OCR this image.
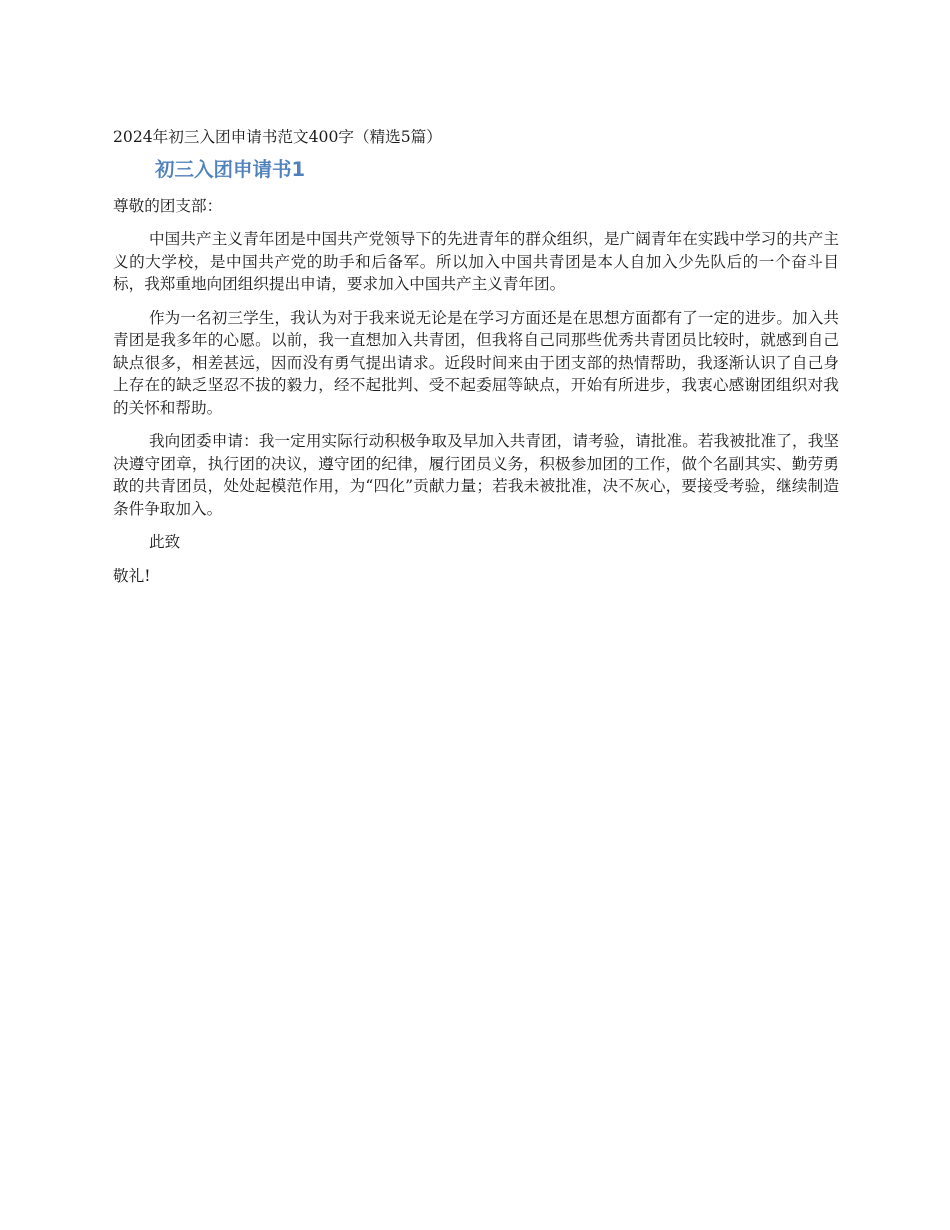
2024年初三入团申请书范文400字（精选5篇）

初三入团申请书1

尊敬的团支部：

中国共产主义青年团是中国共产党领导下的先进青年的群众组织，是广阔青年在实践中学习的共产主义的大学校，是中国共产党的助手和后备军。所以加入中国共青团是本人自加入少先队后的一个奋斗目标，我郑重地向团组织提出申请，要求加入中国共产主义青年团。

作为一名初三学生，我认为对于我来说无论是在学习方面还是在思想方面都有了一定的进步。加入共青团是我多年的心愿。以前，我一直想加入共青团，但我将自己同那些优秀共青团员比较时，就感到自己缺点很多，相差甚远，因而没有勇气提出请求。近段时间来由于团支部的热情帮助，我逐渐认识了自己身上存在的缺乏坚忍不拔的毅力，经不起批判、受不起委屈等缺点，开始有所进步，我衷心感谢团组织对我的关怀和帮助。

我向团委申请：我一定用实际行动积极争取及早加入共青团，请考验，请批准。若我被批准了，我坚决遵守团章，执行团的决议，遵守团的纪律，履行团员义务，积极参加团的工作，做个名副其实、勤劳勇敢的共青团员，处处起模范作用，为“四化”贡献力量；若我未被批准，决不灰心，要接受考验，继续制造条件争取加入。

此致

敬礼!
